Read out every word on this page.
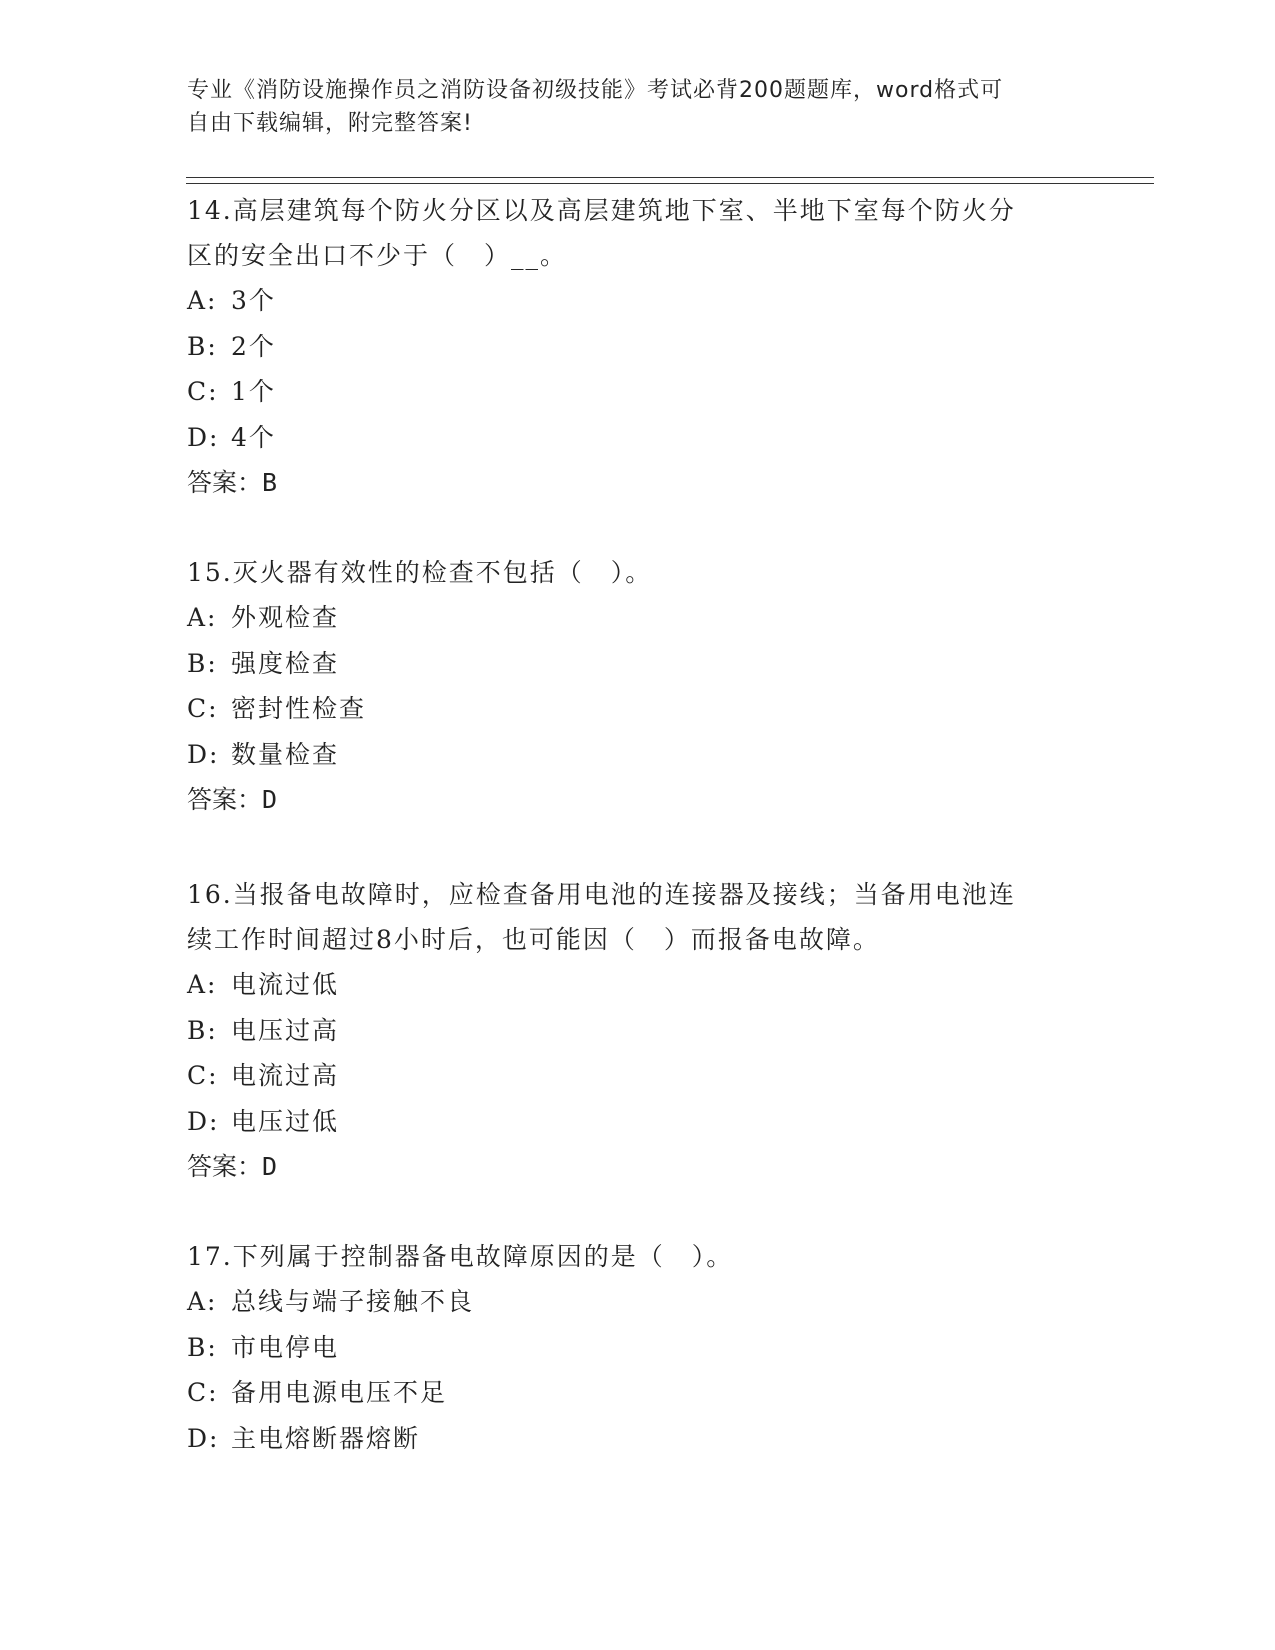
专业《消防设施操作员之消防设备初级技能》考试必背200题题库，word格式可
自由下载编辑，附完整答案!

14.高层建筑每个防火分区以及高层建筑地下室、半地下室每个防火分
区的安全出口不少于（　）__。

A: 3个

B: 2个

C: 1个

D: 4个

答案：B

15.灭火器有效性的检查不包括（　）。

A: 外观检查

B: 强度检查

C: 密封性检查

D: 数量检查

答案：D

16.当报备电故障时，应检查备用电池的连接器及接线；当备用电池连
续工作时间超过8小时后，也可能因（　）而报备电故障。

A: 电流过低

B: 电压过高

C: 电流过高

D: 电压过低

答案：D

17.下列属于控制器备电故障原因的是（　）。

A: 总线与端子接触不良

B: 市电停电

C: 备用电源电压不足

D: 主电熔断器熔断
